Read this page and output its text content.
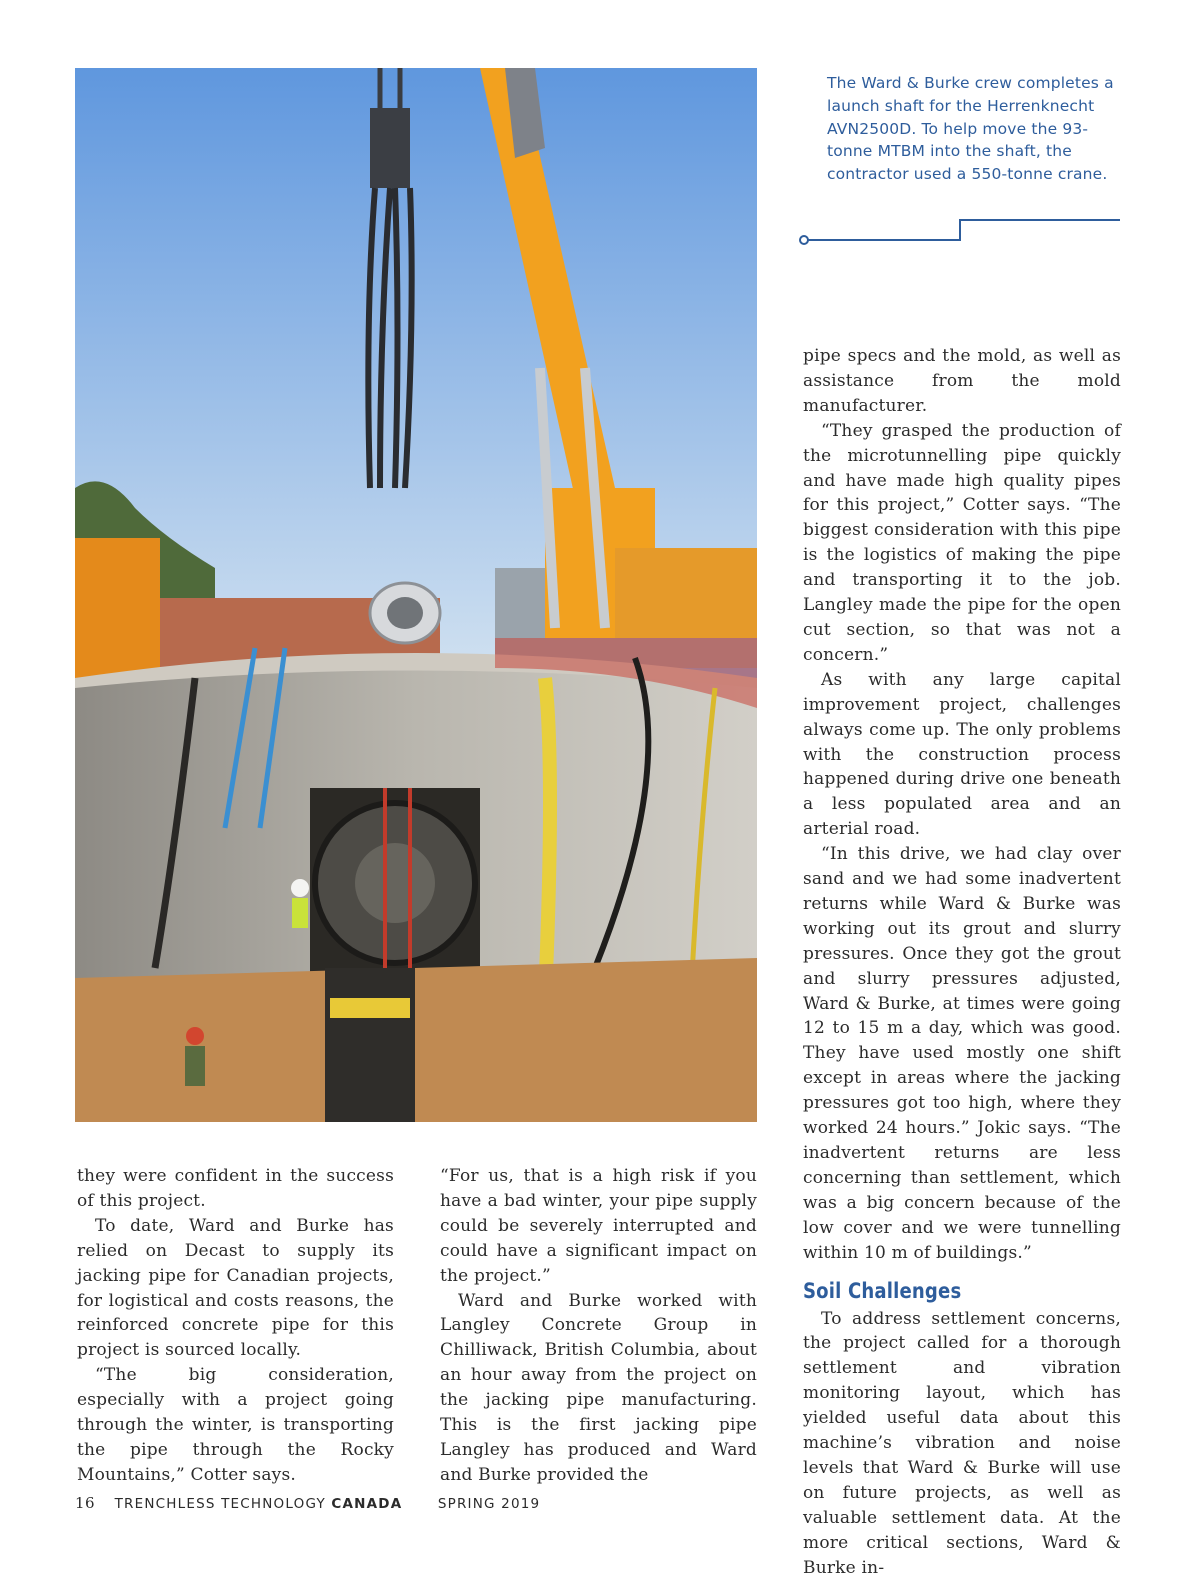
The Ward & Burke crew completes a launch shaft for the Herrenknecht AVN2500D. To help move the 93-tonne MTBM into the shaft, the contractor used a 550-tonne crane.

they were confident in the success of this project.

To date, Ward and Burke has relied on Decast to supply its jacking pipe for Canadian projects, for logistical and costs reasons, the reinforced concrete pipe for this project is sourced locally.

“The big consideration, especially with a project going through the winter, is transporting the pipe through the Rocky Mountains,” Cotter says.

“For us, that is a high risk if you have a bad winter, your pipe supply could be severely interrupted and could have a significant impact on the project.”

Ward and Burke worked with Langley Concrete Group in Chilliwack, British Columbia, about an hour away from the project on the jacking pipe manufacturing. This is the first jacking pipe Langley has produced and Ward and Burke provided the

pipe specs and the mold, as well as assistance from the mold manufacturer.

“They grasped the production of the microtunnelling pipe quickly and have made high quality pipes for this project,” Cotter says. “The biggest consideration with this pipe is the logistics of making the pipe and transporting it to the job. Langley made the pipe for the open cut section, so that was not a concern.”

As with any large capital improvement project, challenges always come up. The only problems with the construction process happened during drive one beneath a less populated area and an arterial road.

“In this drive, we had clay over sand and we had some inadvertent returns while Ward & Burke was working out its grout and slurry pressures. Once they got the grout and slurry pressures adjusted, Ward & Burke, at times were going 12 to 15 m a day, which was good. They have used mostly one shift except in areas where the jacking pressures got too high, where they worked 24 hours.” Jokic says. “The inadvertent returns are less concerning than settlement, which was a big concern because of the low cover and we were tunnelling within 10 m of buildings.”

Soil Challenges

To address settlement concerns, the project called for a thorough settlement and vibration monitoring layout, which has yielded useful data about this machine’s vibration and noise levels that Ward & Burke will use on future projects, as well as valuable settlement data. At the more critical sections, Ward & Burke in-

16 TRENCHLESS TECHNOLOGY CANADA	SPRING 2019
